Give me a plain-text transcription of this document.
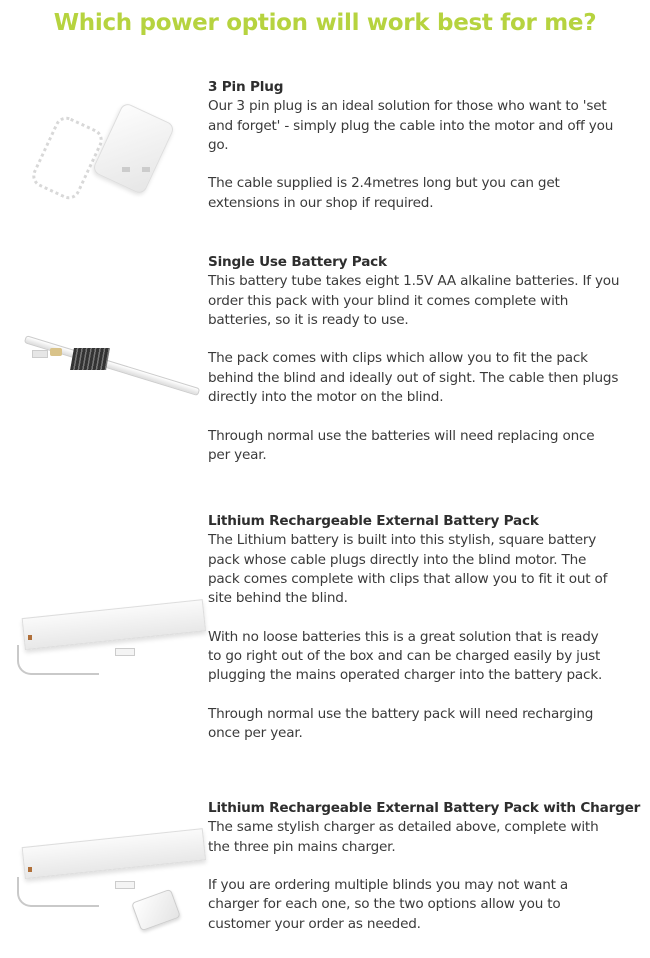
Which power option will work best for me?
3 Pin Plug
Our 3 pin plug is an ideal solution for those who want to 'set
and forget' - simply plug the cable into the motor and off you
go.
The cable supplied is 2.4metres long but you can get
extensions in our shop if required.
Single Use Battery Pack
This battery tube takes eight 1.5V AA alkaline batteries. If you
order this pack with your blind it comes complete with
batteries, so it is ready to use.
The pack comes with clips which allow you to fit the pack
behind the blind and ideally out of sight. The cable then plugs
directly into the motor on the blind.
Through normal use the batteries will need replacing once
per year.
Lithium Rechargeable External Battery Pack
The Lithium battery is built into this stylish, square battery
pack whose cable plugs directly into the blind motor. The
pack comes complete with clips that allow you to fit it out of
site behind the blind.
With no loose batteries this is a great solution that is ready
to go right out of the box and can be charged easily by just
plugging the mains operated charger into the battery pack.
Through normal use the battery pack will need recharging
once per year.
Lithium Rechargeable External Battery Pack with Charger
The same stylish charger as detailed above, complete with
the three pin mains charger.
If you are ordering multiple blinds you may not want a
charger for each one, so the two options allow you to
customer your order as needed.
